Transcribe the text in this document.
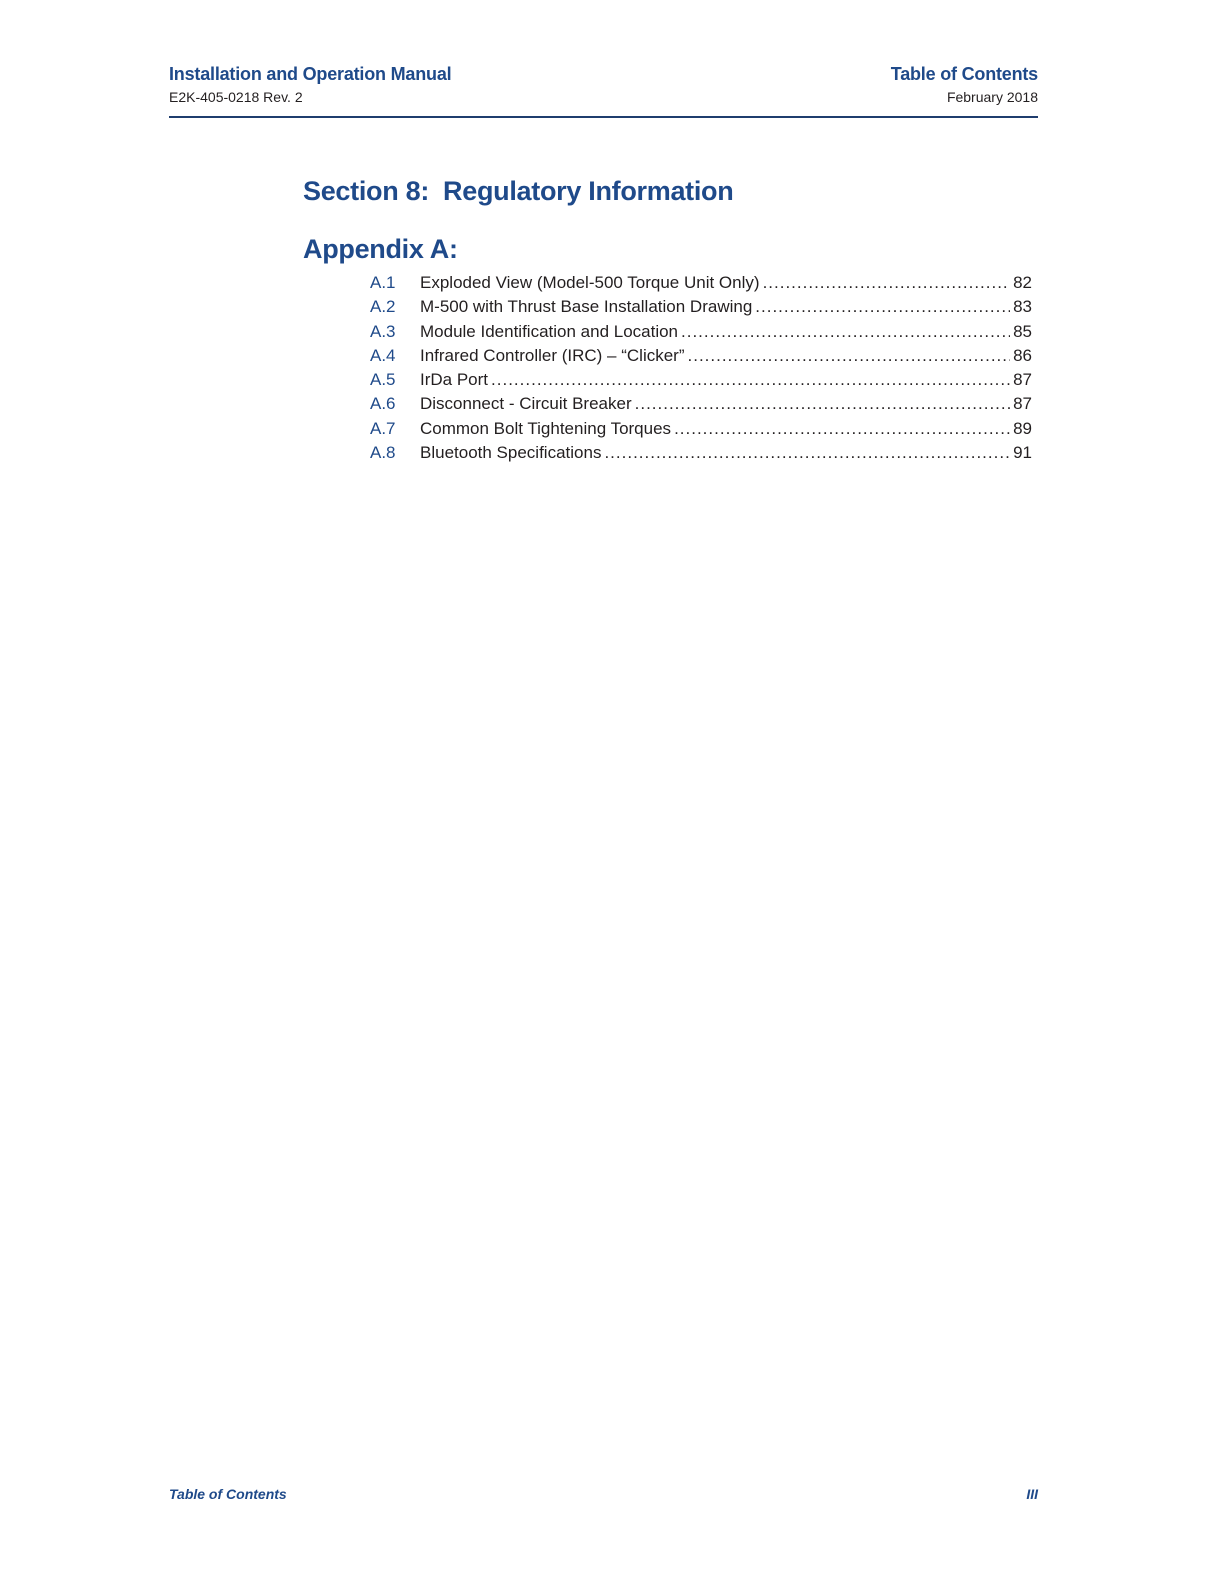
Installation and Operation Manual
E2K-405-0218 Rev. 2
Table of Contents
February 2018
Section 8: Regulatory Information
Appendix A:
A.1	Exploded View (Model-500 Torque Unit Only) .....	82
A.2	M-500 with Thrust Base Installation Drawing .....	83
A.3	Module Identification and Location .....	85
A.4	Infrared Controller (IRC) – “Clicker” .....	86
A.5	IrDa Port .....	87
A.6	Disconnect - Circuit Breaker .....	87
A.7	Common Bolt Tightening Torques .....	89
A.8	Bluetooth Specifications .....	91
Table of Contents	III
